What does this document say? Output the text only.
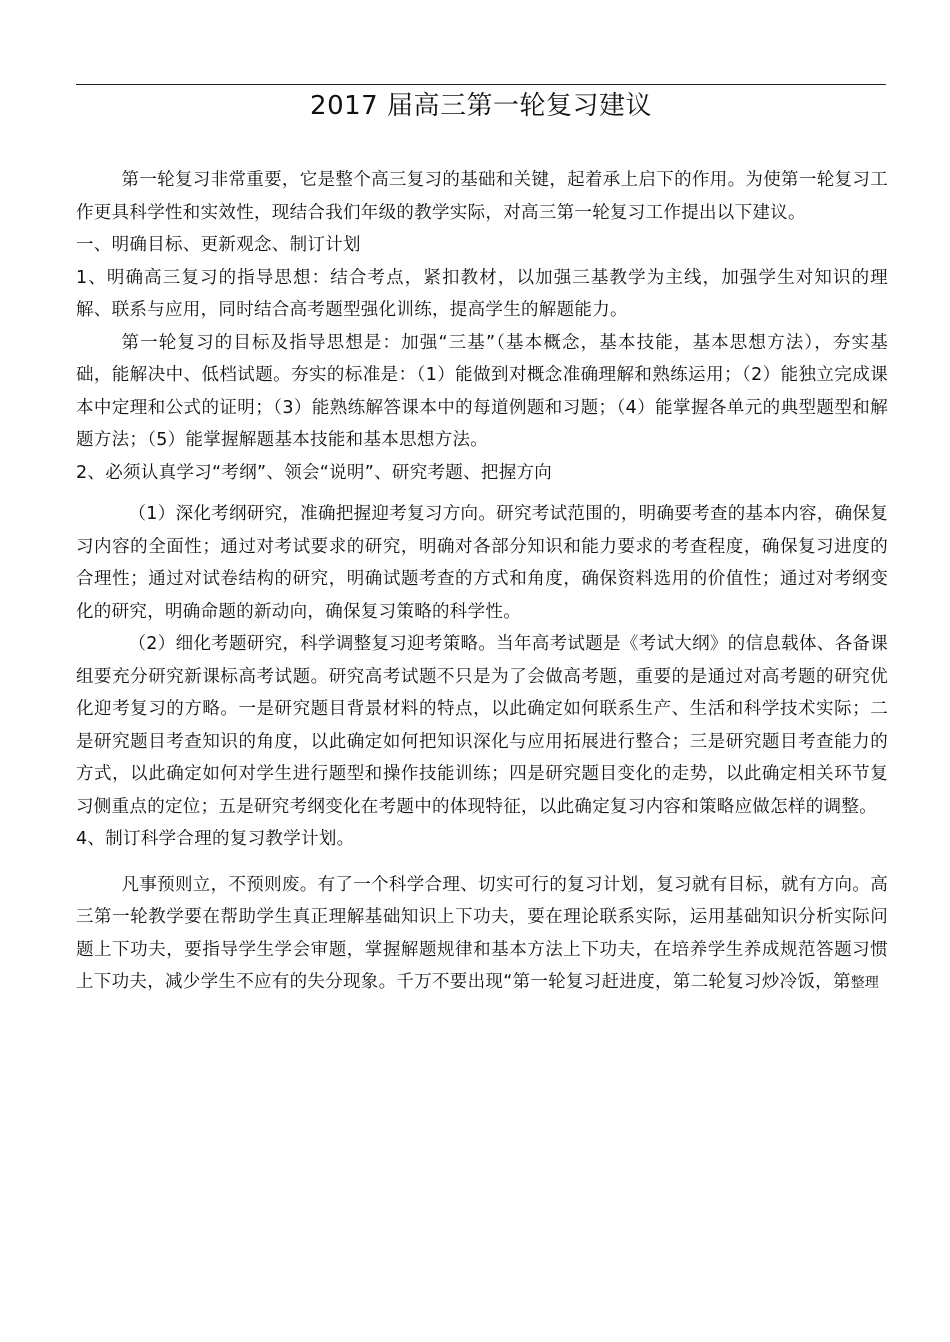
2017 届高三第一轮复习建议

第一轮复习非常重要，它是整个高三复习的基础和关键，起着承上启下的作用。为使第一轮复习工作更具科学性和实效性，现结合我们年级的教学实际，对高三第一轮复习工作提出以下建议。

一、明确目标、更新观念、制订计划

1、明确高三复习的指导思想：结合考点，紧扣教材，以加强三基教学为主线，加强学生对知识的理解、联系与应用，同时结合高考题型强化训练，提高学生的解题能力。

第一轮复习的目标及指导思想是：加强“三基”（基本概念，基本技能，基本思想方法），夯实基础，能解决中、低档试题。夯实的标准是：（1）能做到对概念准确理解和熟练运用；（2）能独立完成课本中定理和公式的证明；（3）能熟练解答课本中的每道例题和习题；（4）能掌握各单元的典型题型和解题方法；（5）能掌握解题基本技能和基本思想方法。

2、必须认真学习“考纲”、领会“说明”、研究考题、把握方向

（1）深化考纲研究，准确把握迎考复习方向。研究考试范围的，明确要考查的基本内容，确保复习内容的全面性；通过对考试要求的研究，明确对各部分知识和能力要求的考查程度，确保复习进度的合理性；通过对试卷结构的研究，明确试题考查的方式和角度，确保资料选用的价值性；通过对考纲变化的研究，明确命题的新动向，确保复习策略的科学性。

（2）细化考题研究，科学调整复习迎考策略。当年高考试题是《考试大纲》的信息载体、各备课组要充分研究新课标高考试题。研究高考试题不只是为了会做高考题，重要的是通过对高考题的研究优化迎考复习的方略。一是研究题目背景材料的特点，以此确定如何联系生产、生活和科学技术实际；二是研究题目考查知识的角度，以此确定如何把知识深化与应用拓展进行整合；三是研究题目考查能力的方式，以此确定如何对学生进行题型和操作技能训练；四是研究题目变化的走势，以此确定相关环节复习侧重点的定位；五是研究考纲变化在考题中的体现特征，以此确定复习内容和策略应做怎样的调整。

4、制订科学合理的复习教学计划。

凡事预则立，不预则废。有了一个科学合理、切实可行的复习计划，复习就有目标，就有方向。高三第一轮教学要在帮助学生真正理解基础知识上下功夫，要在理论联系实际，运用基础知识分析实际问题上下功夫，要指导学生学会审题，掌握解题规律和基本方法上下功夫，在培养学生养成规范答题习惯上下功夫，减少学生不应有的失分现象。千万不要出现“第一轮复习赶进度，第二轮复习炒冷饭，第整理
